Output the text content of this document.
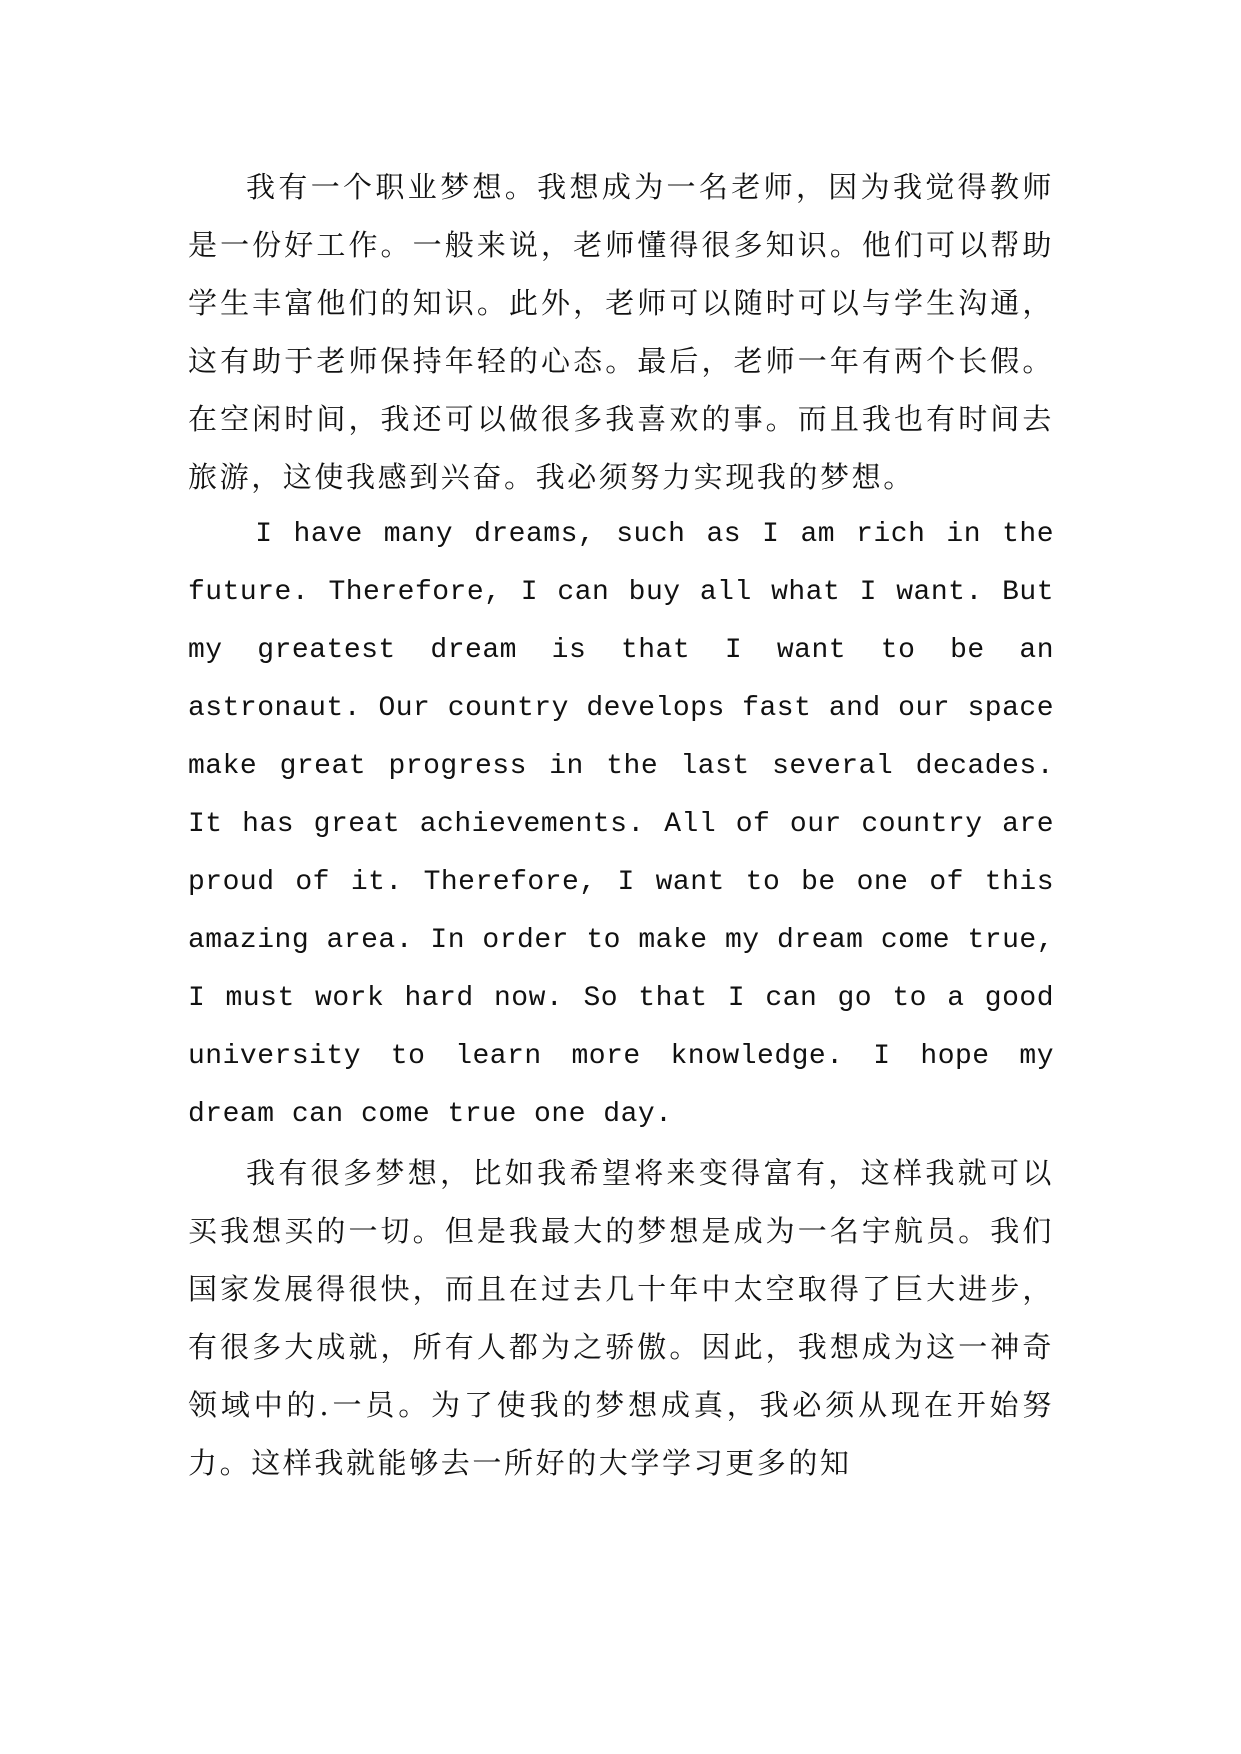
我有一个职业梦想。我想成为一名老师，因为我觉得教师是一份好工作。一般来说，老师懂得很多知识。他们可以帮助学生丰富他们的知识。此外，老师可以随时可以与学生沟通，这有助于老师保持年轻的心态。最后，老师一年有两个长假。在空闲时间，我还可以做很多我喜欢的事。而且我也有时间去旅游，这使我感到兴奋。我必须努力实现我的梦想。

I have many dreams, such as I am rich in the future. Therefore, I can buy all what I want. But my greatest dream is that I want to be an astronaut. Our country develops fast and our space make great progress in the last several decades. It has great achievements. All of our country are proud of it. Therefore, I want to be one of this amazing area. In order to make my dream come true, I must work hard now. So that I can go to a good university to learn more knowledge. I hope my dream can come true one day.

我有很多梦想，比如我希望将来变得富有，这样我就可以买我想买的一切。但是我最大的梦想是成为一名宇航员。我们国家发展得很快，而且在过去几十年中太空取得了巨大进步，有很多大成就，所有人都为之骄傲。因此，我想成为这一神奇领域中的.一员。为了使我的梦想成真，我必须从现在开始努力。这样我就能够去一所好的大学学习更多的知
